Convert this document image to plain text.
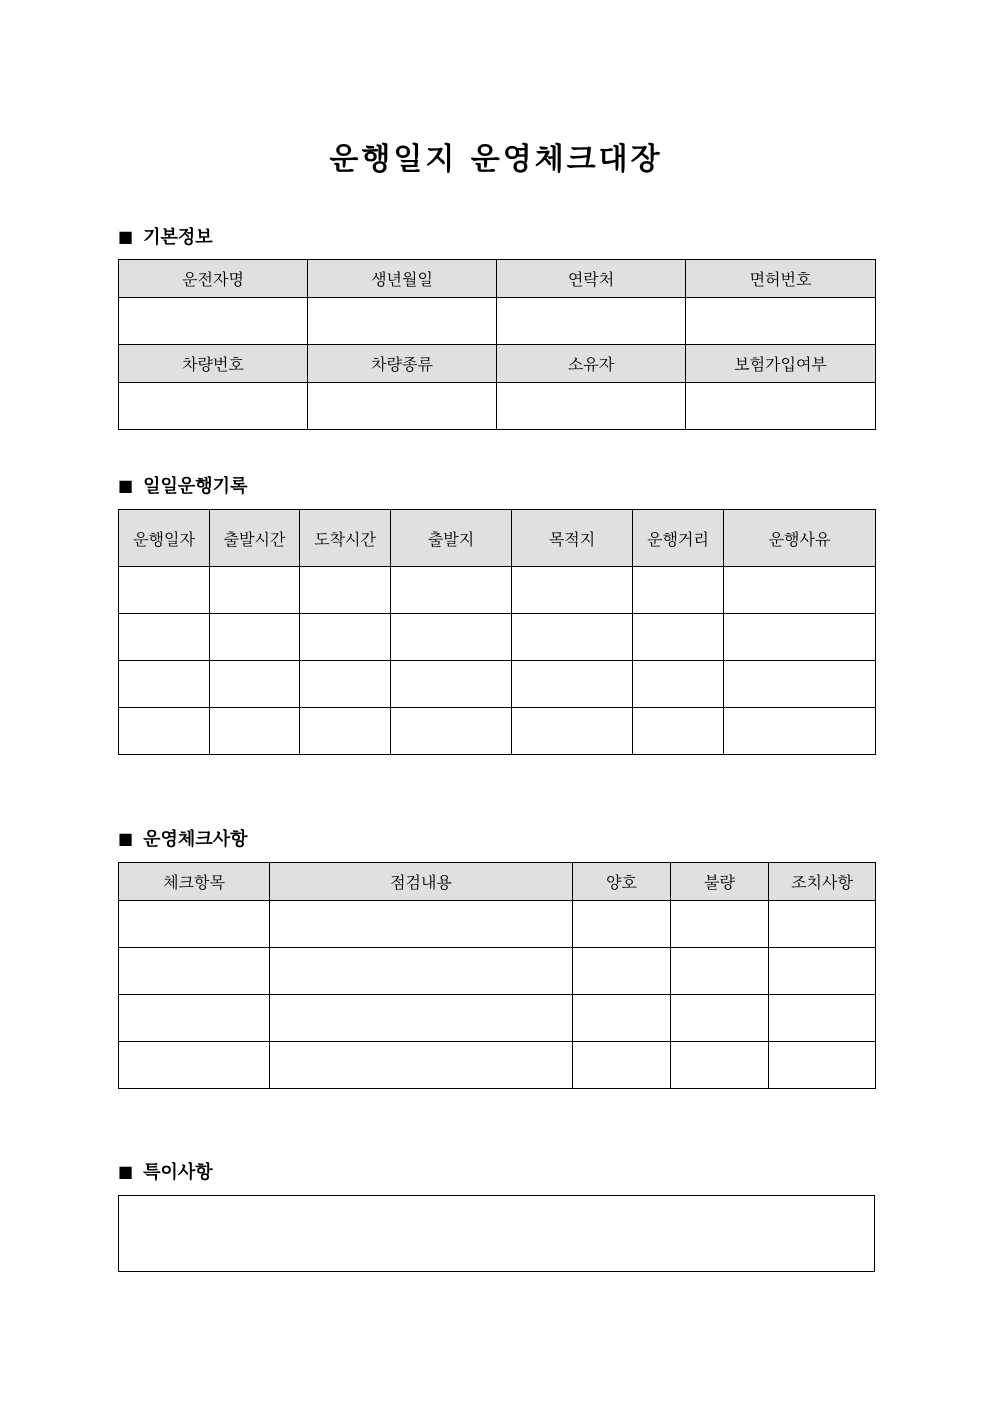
운행일지 운영체크대장
■ 기본정보
운전자명	생년월일	연락처	면허번호

차량번호	차량종류	소유자	보험가입여부

■ 일일운행기록
운행일자	출발시간	도착시간	출발지	목적지	운행거리	운행사유

■ 운영체크사항
체크항목	점검내용	양호	불량	조치사항

■ 특이사항
